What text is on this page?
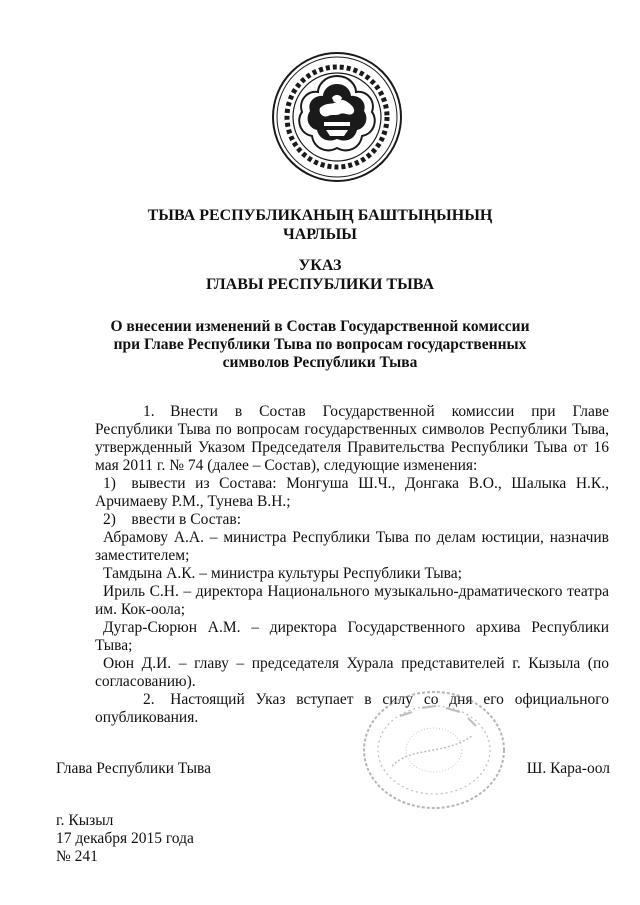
ТЫВА РЕСПУБЛИКАНЫҢ БАШТЫҢЫНЫҢ
ЧАРЛЫЫ
УКАЗ
ГЛАВЫ РЕСПУБЛИКИ ТЫВА
О внесении изменений в Состав Государственной комиссии
при Главе Республики Тыва по вопросам государственных
символов Республики Тыва

1. Внести в Состав Государственной комиссии при Главе Республики Тыва по вопросам государственных символов Республики Тыва, утвержденный Указом Председателя Правительства Республики Тыва от 16 мая 2011 г. № 74 (далее – Состав), следующие изменения:

1) вывести из Состава: Монгуша Ш.Ч., Донгака В.О., Шалыка Н.К., Арчимаеву Р.М., Тунева В.Н.;

2) ввести в Состав:

Абрамову А.А. – министра Республики Тыва по делам юстиции, назначив заместителем;

Тамдына А.К. – министра культуры Республики Тыва;

Ириль С.Н. – директора Национального музыкально-драматического театра им. Кок-оола;

Дугар-Сюрюн А.М. – директора Государственного архива Республики Тыва;

Оюн Д.И. – главу – председателя Хурала представителей г. Кызыла (по согласованию).

2. Настоящий Указ вступает в силу со дня его официального опубликования.

Глава Республики Тыва	Ш. Кара-оол
г. Кызыл
17 декабря 2015 года
№ 241
